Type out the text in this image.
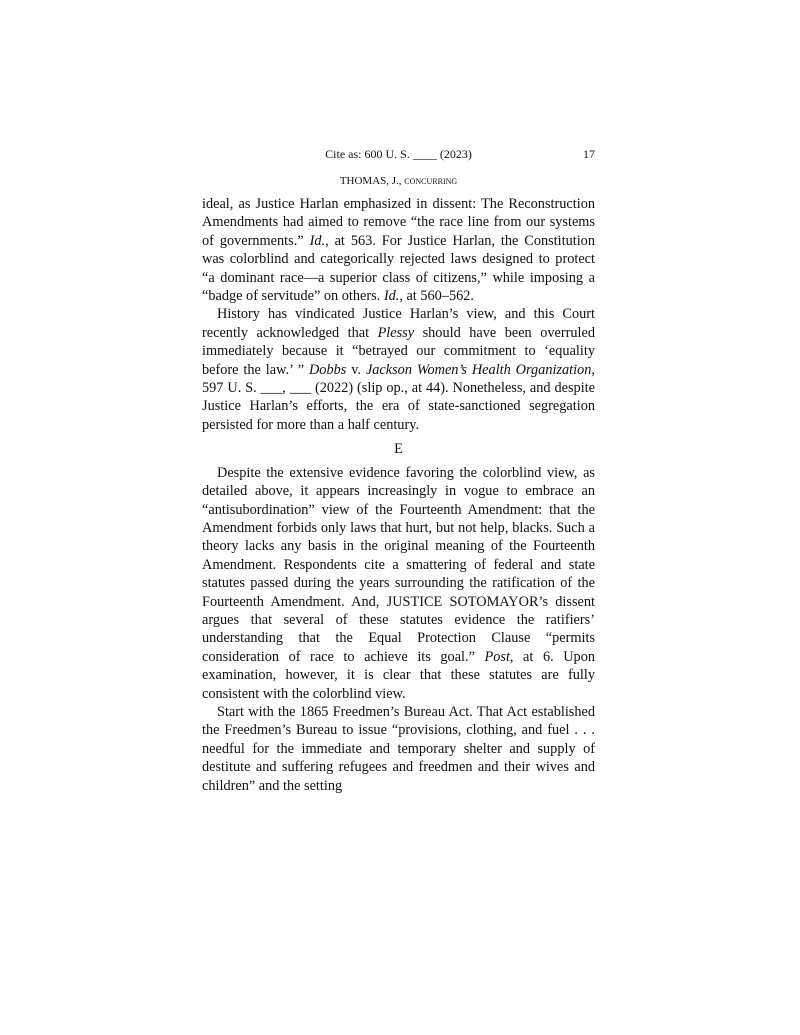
Cite as: 600 U. S. ____ (2023)	17
THOMAS, J., concurring

ideal, as Justice Harlan emphasized in dissent: The Reconstruction Amendments had aimed to remove “the race line from our systems of governments.” Id., at 563. For Justice Harlan, the Constitution was colorblind and categorically rejected laws designed to protect “a dominant race—a superior class of citizens,” while imposing a “badge of servitude” on others. Id., at 560–562.

History has vindicated Justice Harlan’s view, and this Court recently acknowledged that Plessy should have been overruled immediately because it “betrayed our commitment to ‘equality before the law.’ ” Dobbs v. Jackson Women’s Health Organization, 597 U. S. ___, ___ (2022) (slip op., at 44). Nonetheless, and despite Justice Harlan’s efforts, the era of state-sanctioned segregation persisted for more than a half century.

E

Despite the extensive evidence favoring the colorblind view, as detailed above, it appears increasingly in vogue to embrace an “antisubordination” view of the Fourteenth Amendment: that the Amendment forbids only laws that hurt, but not help, blacks. Such a theory lacks any basis in the original meaning of the Fourteenth Amendment. Respondents cite a smattering of federal and state statutes passed during the years surrounding the ratification of the Fourteenth Amendment. And, JUSTICE SOTOMAYOR’s dissent argues that several of these statutes evidence the ratifiers’ understanding that the Equal Protection Clause “permits consideration of race to achieve its goal.” Post, at 6. Upon examination, however, it is clear that these statutes are fully consistent with the colorblind view.

Start with the 1865 Freedmen’s Bureau Act. That Act established the Freedmen’s Bureau to issue “provisions, clothing, and fuel . . . needful for the immediate and temporary shelter and supply of destitute and suffering refugees and freedmen and their wives and children” and the setting
